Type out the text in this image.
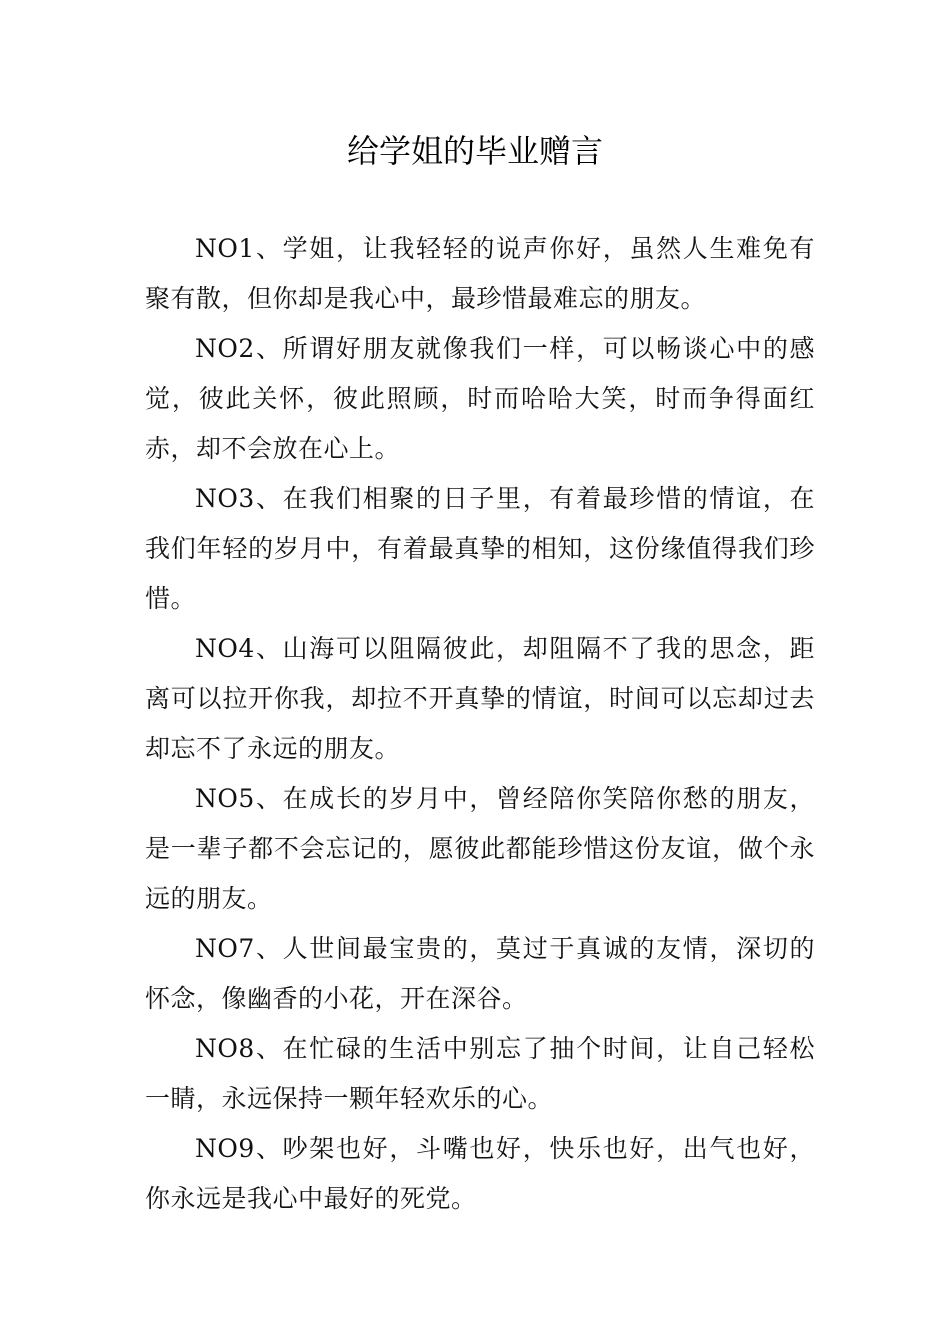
给学姐的毕业赠言

NO1、学姐，让我轻轻的说声你好，虽然人生难免有聚有散，但你却是我心中，最珍惜最难忘的朋友。

NO2、所谓好朋友就像我们一样，可以畅谈心中的感觉，彼此关怀，彼此照顾，时而哈哈大笑，时而争得面红赤，却不会放在心上。

NO3、在我们相聚的日子里，有着最珍惜的情谊，在我们年轻的岁月中，有着最真挚的相知，这份缘值得我们珍惜。

NO4、山海可以阻隔彼此，却阻隔不了我的思念，距离可以拉开你我，却拉不开真挚的情谊，时间可以忘却过去却忘不了永远的朋友。

NO5、在成长的岁月中，曾经陪你笑陪你愁的朋友，是一辈子都不会忘记的，愿彼此都能珍惜这份友谊，做个永远的朋友。

NO7、人世间最宝贵的，莫过于真诚的友情，深切的怀念，像幽香的小花，开在深谷。

NO8、在忙碌的生活中别忘了抽个时间，让自己轻松一睛，永远保持一颗年轻欢乐的心。

NO9、吵架也好，斗嘴也好，快乐也好，出气也好，你永远是我心中最好的死党。
